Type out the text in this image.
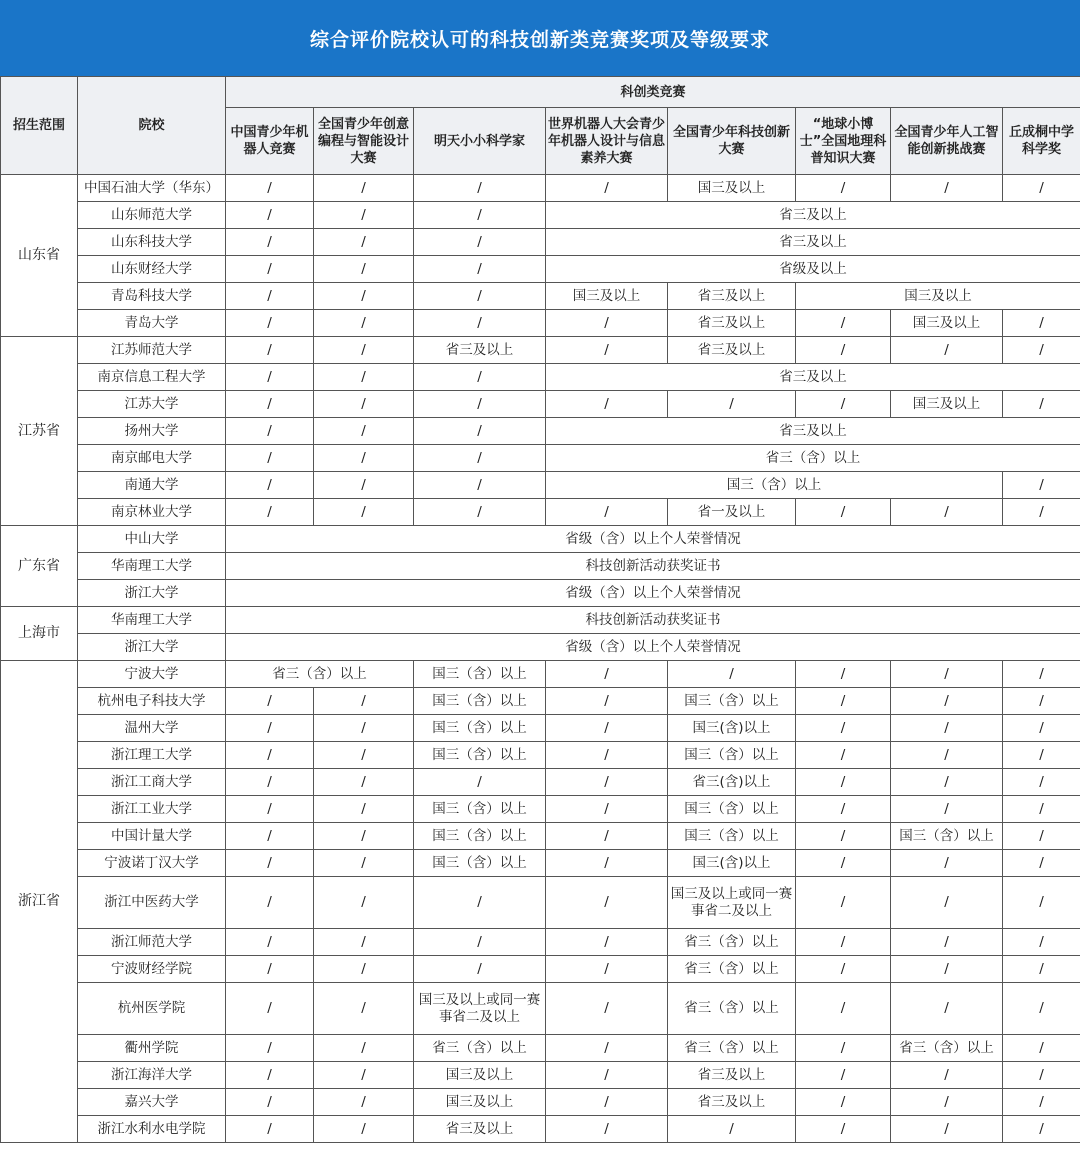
综合评价院校认可的科技创新类竞赛奖项及等级要求
招生范围	院校	科创类竞赛							
		中国青少年机器人竞赛	全国青少年创意编程与智能设计大赛	明天小小科学家	世界机器人大会青少年机器人设计与信息素养大赛	全国青少年科技创新大赛	“地球小博士”全国地理科普知识大赛	全国青少年人工智能创新挑战赛	丘成桐中学科学奖
山东省	中国石油大学（华东）	/	/	/	/	国三及以上	/	/	/
	山东师范大学	/	/	/	省三及以上				
	山东科技大学	/	/	/	省三及以上				
	山东财经大学	/	/	/	省级及以上				
	青岛科技大学	/	/	/	国三及以上	省三及以上	国三及以上		
	青岛大学	/	/	/	/	省三及以上	/	国三及以上	/
江苏省	江苏师范大学	/	/	省三及以上	/	省三及以上	/	/	/
	南京信息工程大学	/	/	/	省三及以上				
	江苏大学	/	/	/	/	/	/	国三及以上	/
	扬州大学	/	/	/	省三及以上				
	南京邮电大学	/	/	/	省三（含）以上				
	南通大学	/	/	/	国三（含）以上				/
	南京林业大学	/	/	/	/	省一及以上	/	/	/
广东省	中山大学	省级（含）以上个人荣誉情况							
	华南理工大学	科技创新活动获奖证书							
	浙江大学	省级（含）以上个人荣誉情况							
上海市	华南理工大学	科技创新活动获奖证书							
	浙江大学	省级（含）以上个人荣誉情况							
浙江省	宁波大学	省三（含）以上		国三（含）以上	/	/	/	/	/
	杭州电子科技大学	/	/	国三（含）以上	/	国三（含）以上	/	/	/
	温州大学	/	/	国三（含）以上	/	国三(含)以上	/	/	/
	浙江理工大学	/	/	国三（含）以上	/	国三（含）以上	/	/	/
	浙江工商大学	/	/	/	/	省三(含)以上	/	/	/
	浙江工业大学	/	/	国三（含）以上	/	国三（含）以上	/	/	/
	中国计量大学	/	/	国三（含）以上	/	国三（含）以上	/	国三（含）以上	/
	宁波诺丁汉大学	/	/	国三（含）以上	/	国三(含)以上	/	/	/
	浙江中医药大学	/	/	/	/	国三及以上或同一赛事省二及以上	/	/	/
	浙江师范大学	/	/	/	/	省三（含）以上	/	/	/
	宁波财经学院	/	/	/	/	省三（含）以上	/	/	/
	杭州医学院	/	/	国三及以上或同一赛事省二及以上	/	省三（含）以上	/	/	/
	衢州学院	/	/	省三（含）以上	/	省三（含）以上	/	省三（含）以上	/
	浙江海洋大学	/	/	国三及以上	/	省三及以上	/	/	/
	嘉兴大学	/	/	国三及以上	/	省三及以上	/	/	/
	浙江水利水电学院	/	/	省三及以上	/	/	/	/	/
